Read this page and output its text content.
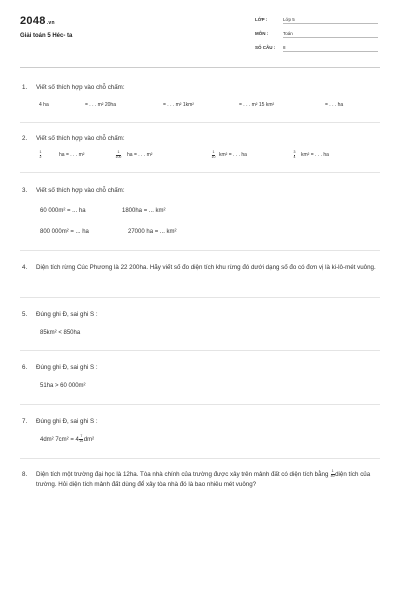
2048.vn
Giải toán 5 Héc- ta
LỚP :	Lớp 5
MÔN :	Toán
SỐ CÂU : 8
1. Viết số thích hợp vào chỗ chấm:
4 ha	= . . . m² 20ha	= . . . m² 1km²	= . . . m² 15 km²	= . . . ha
2. Viết số thích hợp vào chỗ chấm:
$\frac{1}{2}$	ha = . . . m²	$\frac{1}{100}$ ha = . . . m²	$\frac{1}{10} km^2$ = . . . ha	$\frac{3}{4} km^2$ = . . . ha
3. Viết số thích hợp vào chỗ chấm:
60 000m² = ... ha	1800ha = ... km²
800 000m² = ... ha	27000 ha = ... km²
4. Diện tích rừng Cúc Phương là 22 200ha. Hãy viết số đo diện tích khu rừng đó dưới dạng số đo có đơn vị là ki-lô-mét vuông.
5. Đúng ghi Đ, sai ghi S :
85km² < 850ha
6. Đúng ghi Đ, sai ghi S :
51ha > 60 000m²
7. Đúng ghi Đ, sai ghi S :
4dm² $7cm^2 = 4 \frac{7}{10} dm^2$
8. Diện tích một trường đại học là 12ha. Tòa nhà chính của trường được xây trên mảnh đất có diện tích bằng $\frac{1}{40}$ diện tích của trường. Hỏi diện tích mảnh đất dùng để xây tòa nhà đó là bao nhiêu mét vuông?
